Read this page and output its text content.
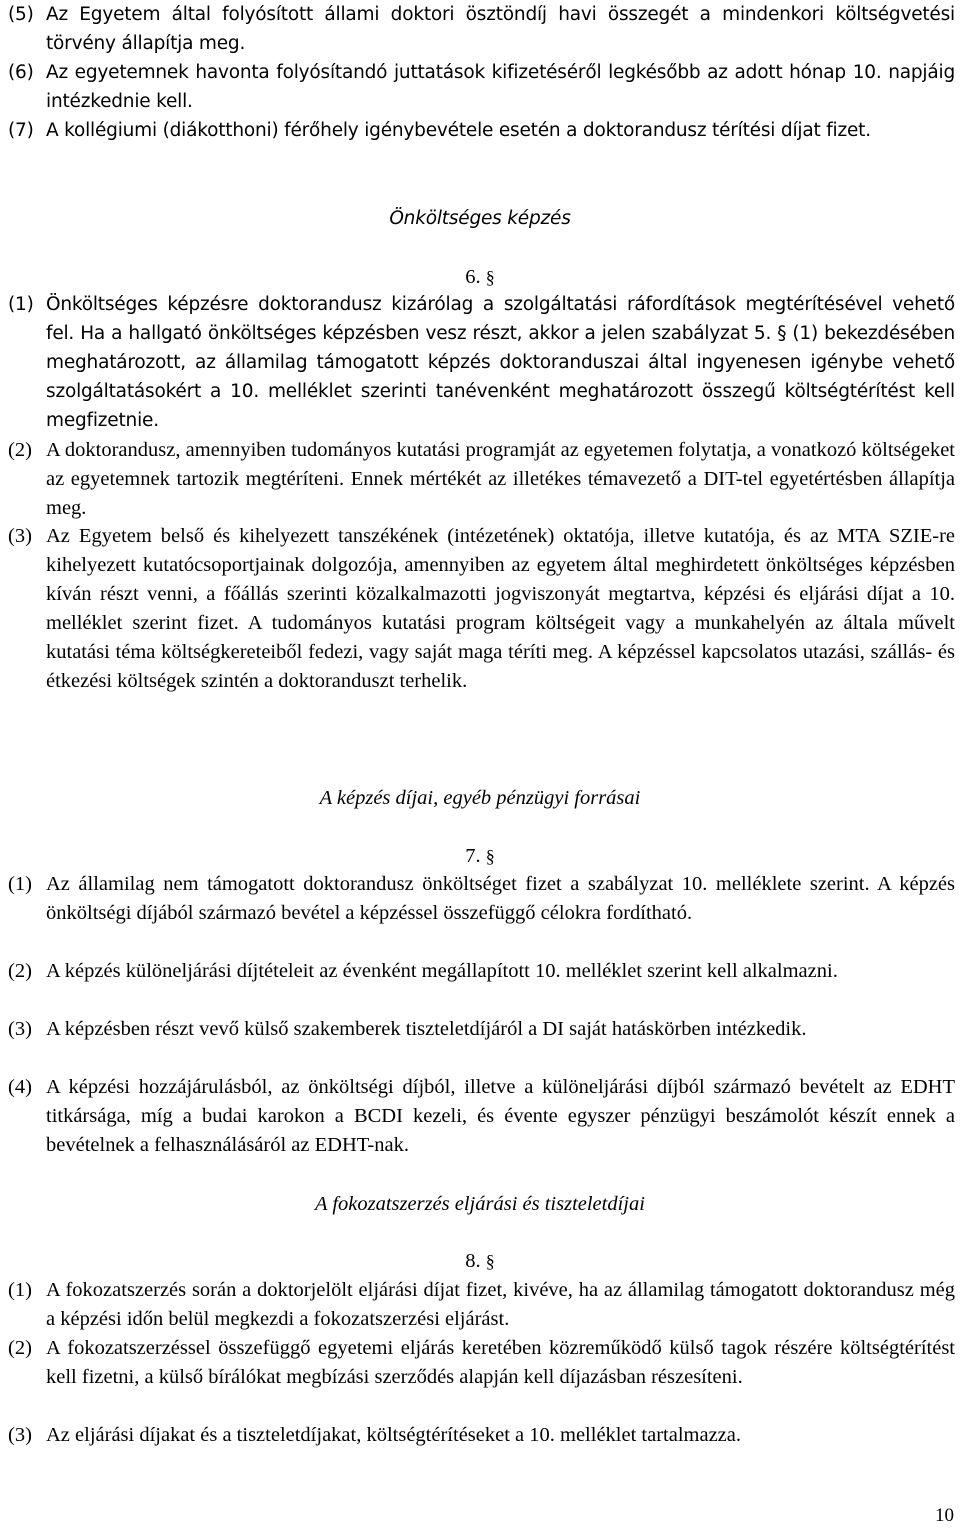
(5) Az Egyetem által folyósított állami doktori ösztöndíj havi összegét a mindenkori költségvetési törvény állapítja meg.
(6) Az egyetemnek havonta folyósítandó juttatások kifizetéséről legkésőbb az adott hónap 10. napjáig intézkednie kell.
(7) A kollégiumi (diákotthoni) férőhely igénybevétele esetén a doktorandusz térítési díjat fizet.

Önköltséges képzés

6. §

(1) Önköltséges képzésre doktorandusz kizárólag a szolgáltatási ráfordítások megtérítésével vehető fel. Ha a hallgató önköltséges képzésben vesz részt, akkor a jelen szabályzat 5. § (1) bekezdésében meghatározott, az államilag támogatott képzés doktoranduszai által ingyenesen igénybe vehető szolgáltatásokért a 10. melléklet szerinti tanévenként meghatározott összegű költségtérítést kell megfizetnie.
(2) A doktorandusz, amennyiben tudományos kutatási programját az egyetemen folytatja, a vonatkozó költségeket az egyetemnek tartozik megtéríteni. Ennek mértékét az illetékes témavezető a DIT-tel egyetértésben állapítja meg.
(3) Az Egyetem belső és kihelyezett tanszékének (intézetének) oktatója, illetve kutatója, és az MTA SZIE-re kihelyezett kutatócsoportjainak dolgozója, amennyiben az egyetem által meghirdetett önköltséges képzésben kíván részt venni, a főállás szerinti közalkalmazotti jogviszonyát megtartva, képzési és eljárási díjat a 10. melléklet szerint fizet. A tudományos kutatási program költségeit vagy a munkahelyén az általa művelt kutatási téma költségkereteiből fedezi, vagy saját maga téríti meg. A képzéssel kapcsolatos utazási, szállás- és étkezési költségek szintén a doktoranduszt terhelik.

A képzés díjai, egyéb pénzügyi forrásai

7. §

(1) Az államilag nem támogatott doktorandusz önköltséget fizet a szabályzat 10. melléklete szerint. A képzés önköltségi díjából származó bevétel a képzéssel összefüggő célokra fordítható.
(2) A képzés különeljárási díjtételeit az évenként megállapított 10. melléklet szerint kell alkalmazni.
(3) A képzésben részt vevő külső szakemberek tiszteletdíjáról a DI saját hatáskörben intézkedik.
(4) A képzési hozzájárulásból, az önköltségi díjból, illetve a különeljárási díjból származó bevételt az EDHT titkársága, míg a budai karokon a BCDI kezeli, és évente egyszer pénzügyi beszámolót készít ennek a bevételnek a felhasználásáról az EDHT-nak.

A fokozatszerzés eljárási és tiszteletdíjai

8. §

(1) A fokozatszerzés során a doktorjelölt eljárási díjat fizet, kivéve, ha az államilag támogatott doktorandusz még a képzési időn belül megkezdi a fokozatszerzési eljárást.
(2) A fokozatszerzéssel összefüggő egyetemi eljárás keretében közreműködő külső tagok részére költségtérítést kell fizetni, a külső bírálókat megbízási szerződés alapján kell díjazásban részesíteni.
(3) Az eljárási díjakat és a tiszteletdíjakat, költségtérítéseket a 10. melléklet tartalmazza.
10
